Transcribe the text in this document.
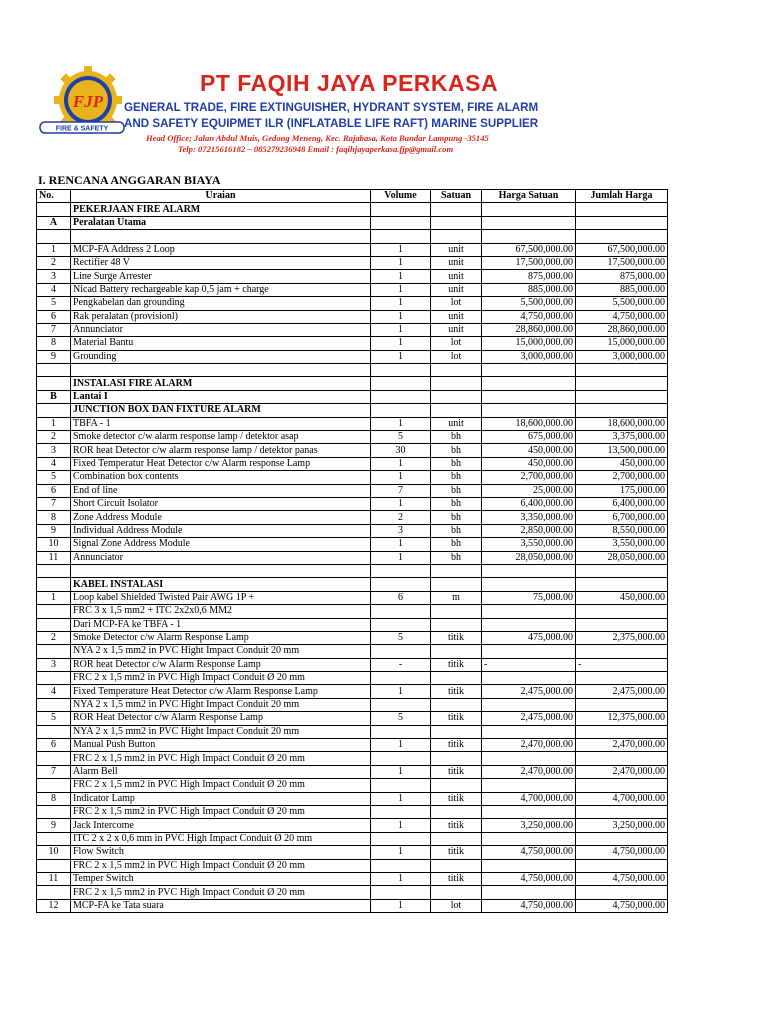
FJP
FIRE & SAFETY
PT FAQIH JAYA PERKASA
GENERAL TRADE, FIRE EXTINGUISHER, HYDRANT SYSTEM, FIRE ALARM
AND SAFETY EQUIPMET ILR (INFLATABLE LIFE RAFT) MARINE SUPPLIER
Head Office; Jalan Abdul Muis, Gedong Meneng, Kec. Rajabasa, Kota Bandar Lampung -35145
Telp: 07215616182 – 085279236948 Email : faqihjayaperkasa.fjp@gmail.com
I. RENCANA ANGGARAN BIAYA
No.	Uraian	Volume	Satuan	Harga Satuan	Jumlah Harga
	PEKERJAAN FIRE ALARM				
A	Peralatan Utama				

1	MCP-FA Address 2 Loop	1	unit	67,500,000.00	67,500,000.00
2	Rectifier 48 V	1	unit	17,500,000.00	17,500,000.00
3	Line Surge Arrester	1	unit	875,000.00	875,000.00
4	Nicad Battery rechargeable kap 0,5 jam + charge	1	unit	885,000.00	885,000.00
5	Pengkabelan dan grounding	1	lot	5,500,000.00	5,500,000.00
6	Rak peralatan (provisionl)	1	unit	4,750,000.00	4,750,000.00
7	Annunciator	1	unit	28,860,000.00	28,860,000.00
8	Material Bantu	1	lot	15,000,000.00	15,000,000.00
9	Grounding	1	lot	3,000,000.00	3,000,000.00

	INSTALASI FIRE ALARM				
B	Lantai I				
	JUNCTION BOX DAN FIXTURE ALARM				
1	TBFA - 1	1	unit	18,600,000.00	18,600,000.00
2	Smoke detector c/w alarm response lamp / detektor asap	5	bh	675,000.00	3,375,000.00
3	ROR heat Detector c/w alarm response lamp / detektor panas	30	bh	450,000.00	13,500,000.00
4	Fixed Temperatur Heat Detector c/w Alarm response Lamp	1	bh	450,000.00	450,000.00
5	Combination box contents	1	bh	2,700,000.00	2,700,000.00
6	End of line	7	bh	25,000.00	175,000.00
7	Short Circuit Isolator	1	bh	6,400,000.00	6,400,000.00
8	Zone Address Module	2	bh	3,350,000.00	6,700,000.00
9	Individual Address Module	3	bh	2,850,000.00	8,550,000.00
10	Signal Zone Address Module	1	bh	3,550,000.00	3,550,000.00
11	Annunciator	1	bh	28,050,000.00	28,050,000.00

	KABEL INSTALASI				
1	Loop kabel Shielded Twisted Pair AWG 1P +	6	m	75,000.00	450,000.00
	FRC 3 x 1,5 mm2 + ITC 2x2x0,6 MM2				
	Dari MCP-FA ke TBFA - 1				
2	Smoke Detector c/w Alarm Response Lamp	5	titik	475,000.00	2,375,000.00
	NYA 2 x 1,5 mm2 in PVC Hight Impact Conduit 20 mm				
3	ROR heat Detector c/w Alarm Response Lamp	-	titik	-	-
	FRC 2 x 1,5 mm2 in PVC High Impact Conduit Ø 20 mm				
4	Fixed Temperature Heat Detector c/w Alarm Response Lamp	1	titik	2,475,000.00	2,475,000.00
	NYA 2 x 1,5 mm2 in PVC Hight Impact Conduit 20 mm				
5	ROR Heat Detector c/w Alarm Response Lamp	5	titik	2,475,000.00	12,375,000.00
	NYA 2 x 1,5 mm2 in PVC Hight Impact Conduit 20 mm				
6	Manual Push Button	1	titik	2,470,000.00	2,470,000.00
	FRC 2 x 1,5 mm2 in PVC High Impact Conduit Ø 20 mm				
7	Alarm Bell	1	titik	2,470,000.00	2,470,000.00
	FRC 2 x 1,5 mm2 in PVC High Impact Conduit Ø 20 mm				
8	Indicator Lamp	1	titik	4,700,000.00	4,700,000.00
	FRC 2 x 1,5 mm2 in PVC High Impact Conduit Ø 20 mm				
9	Jack Intercome	1	titik	3,250,000.00	3,250,000.00
	ITC 2 x 2 x 0,6 mm in PVC High Impact Conduit Ø 20 mm				
10	Flow Switch	1	titik	4,750,000.00	4,750,000.00
	FRC 2 x 1,5 mm2 in PVC High Impact Conduit Ø 20 mm				
11	Temper Switch	1	titik	4,750,000.00	4,750,000.00
	FRC 2 x 1,5 mm2 in PVC High Impact Conduit Ø 20 mm				
12	MCP-FA ke Tata suara	1	lot	4,750,000.00	4,750,000.00
